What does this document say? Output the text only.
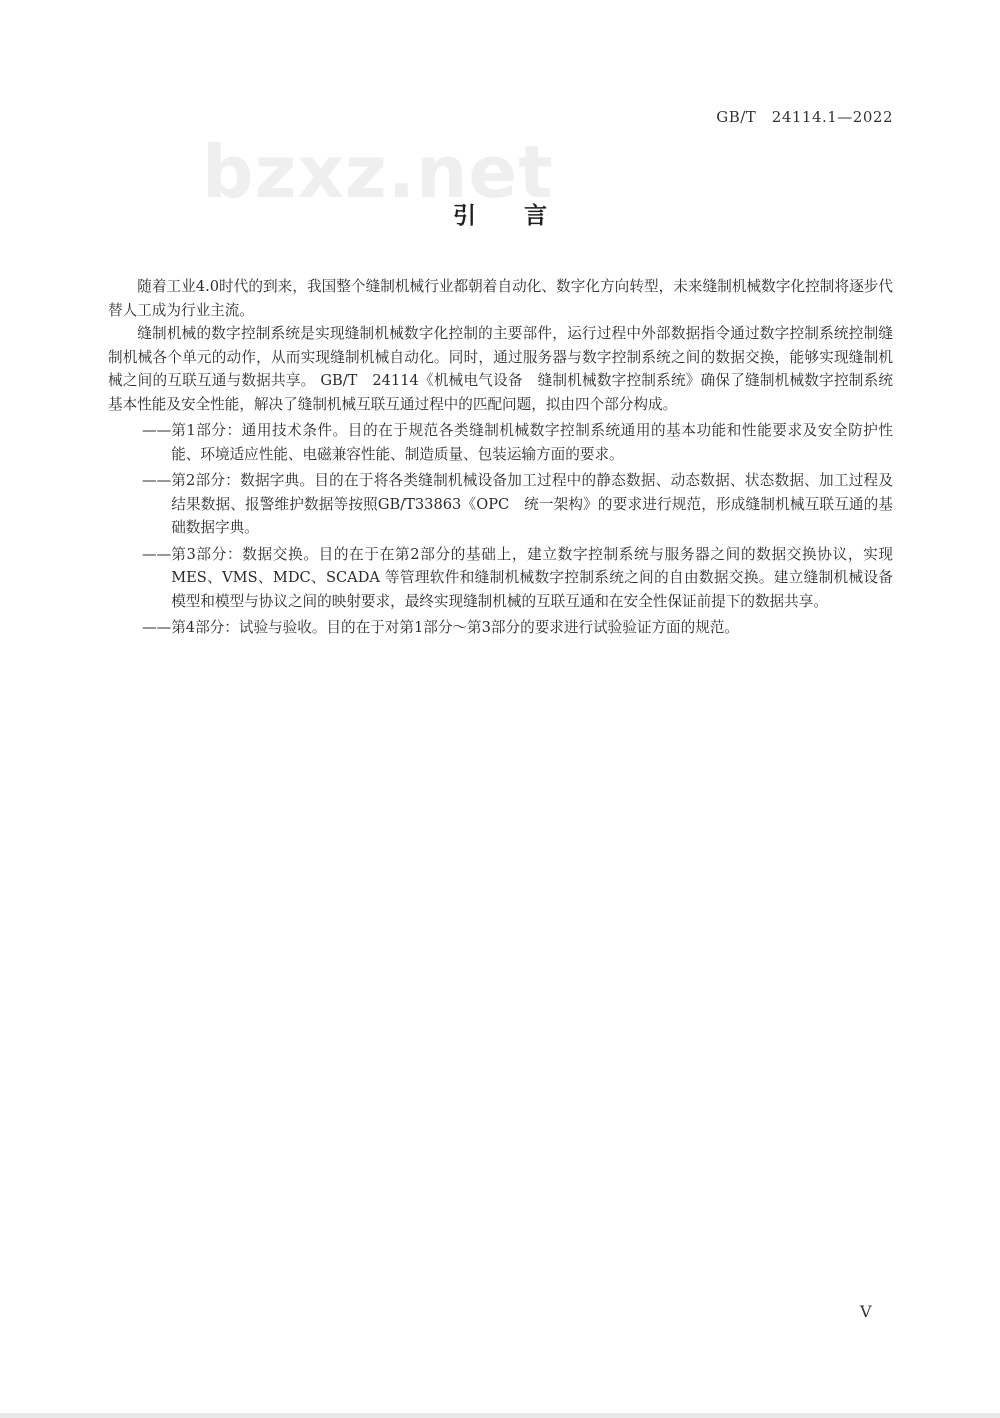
bzxz.net
GB/T　24114.1—2022
引言

随着工业4.0时代的到来，我国整个缝制机械行业都朝着自动化、数字化方向转型，未来缝制机械数字化控制将逐步代替人工成为行业主流。

缝制机械的数字控制系统是实现缝制机械数字化控制的主要部件，运行过程中外部数据指令通过数字控制系统控制缝制机械各个单元的动作，从而实现缝制机械自动化。同时，通过服务器与数字控制系统之间的数据交换，能够实现缝制机械之间的互联互通与数据共享。 GB/T　24114《机械电气设备　缝制机械数字控制系统》确保了缝制机械数字控制系统基本性能及安全性能，解决了缝制机械互联互通过程中的匹配问题，拟由四个部分构成。

—— 第1部分：通用技术条件。目的在于规范各类缝制机械数字控制系统通用的基本功能和性能要求及安全防护性能、环境适应性能、电磁兼容性能、制造质量、包装运输方面的要求。
—— 第2部分：数据字典。目的在于将各类缝制机械设备加工过程中的静态数据、动态数据、状态数据、加工过程及结果数据、报警维护数据等按照GB/T33863《OPC　统一架构》的要求进行规范，形成缝制机械互联互通的基础数据字典。
—— 第3部分：数据交换。目的在于在第2部分的基础上，建立数字控制系统与服务器之间的数据交换协议，实现 MES、VMS、MDC、SCADA 等管理软件和缝制机械数字控制系统之间的自由数据交换。建立缝制机械设备模型和模型与协议之间的映射要求，最终实现缝制机械的互联互通和在安全性保证前提下的数据共享。
—— 第4部分：试验与验收。目的在于对第1部分～第3部分的要求进行试验验证方面的规范。
V
